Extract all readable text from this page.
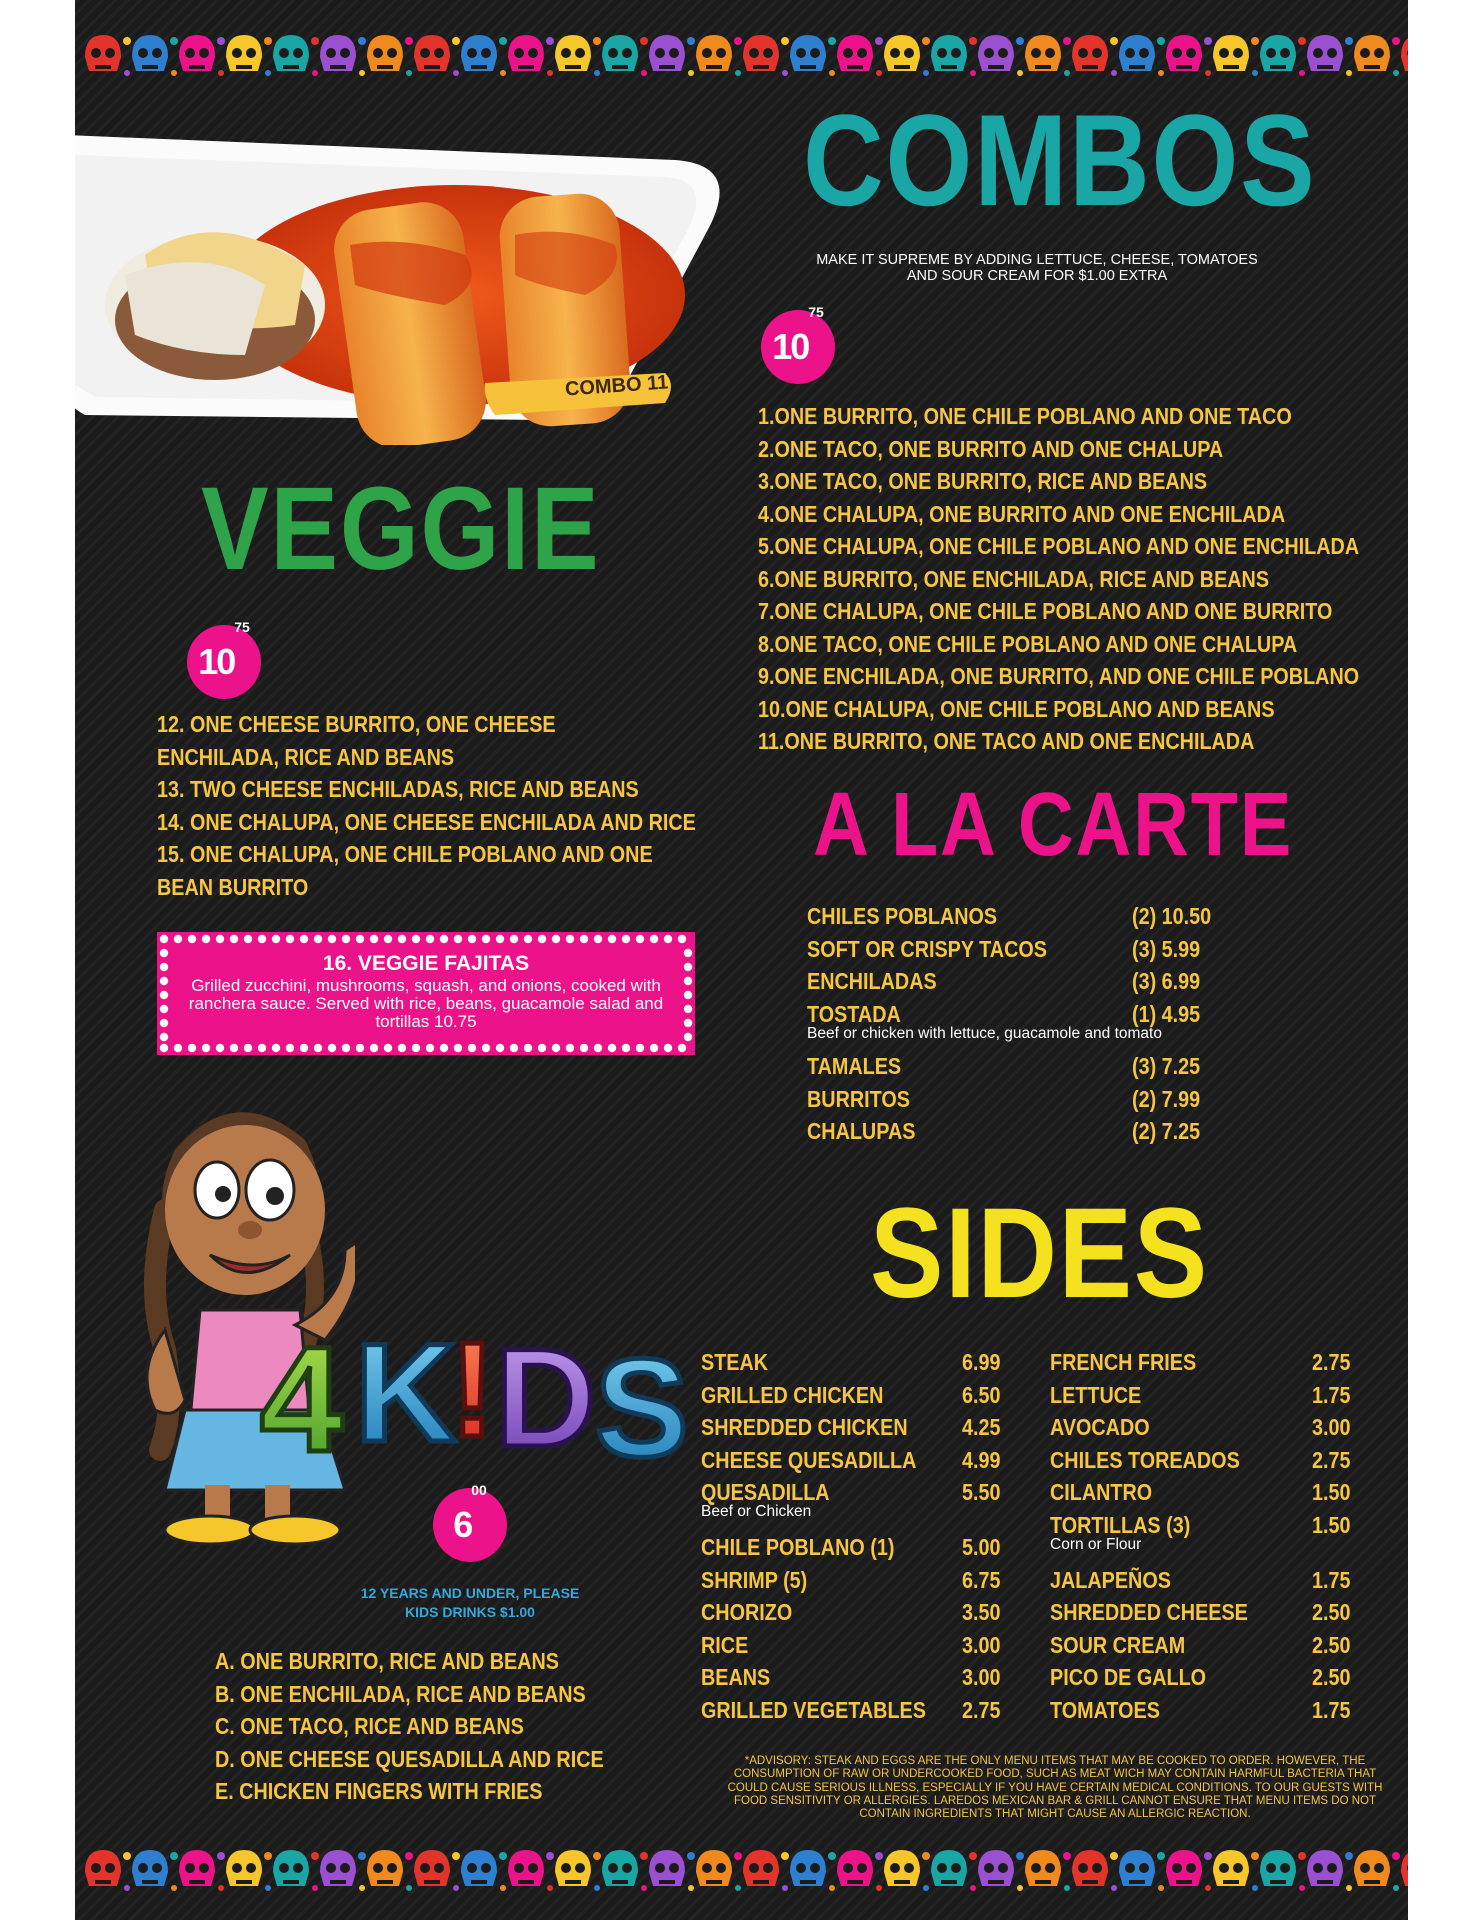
COMBO 11
COMBOS
MAKE IT SUPREME BY ADDING LETTUCE, CHEESE, TOMATOES
AND SOUR CREAM FOR $1.00 EXTRA
1075
1.ONE BURRITO, ONE CHILE POBLANO AND ONE TACO
2.ONE TACO, ONE BURRITO AND ONE CHALUPA
3.ONE TACO, ONE BURRITO, RICE AND BEANS
4.ONE CHALUPA, ONE BURRITO AND ONE ENCHILADA
5.ONE CHALUPA, ONE CHILE POBLANO AND ONE ENCHILADA
6.ONE BURRITO, ONE ENCHILADA, RICE AND BEANS
7.ONE CHALUPA, ONE CHILE POBLANO AND ONE BURRITO
8.ONE TACO, ONE CHILE POBLANO AND ONE CHALUPA
9.ONE ENCHILADA, ONE BURRITO, AND ONE CHILE POBLANO
10.ONE CHALUPA, ONE CHILE POBLANO AND BEANS
11.ONE BURRITO, ONE TACO AND ONE ENCHILADA
VEGGIE
1075
12. ONE CHEESE BURRITO, ONE CHEESE
ENCHILADA, RICE AND BEANS
13. TWO CHEESE ENCHILADAS, RICE AND BEANS
14. ONE CHALUPA, ONE CHEESE ENCHILADA AND RICE
15. ONE CHALUPA, ONE CHILE POBLANO AND ONE
BEAN BURRITO
16. VEGGIE FAJITAS
Grilled zucchini, mushrooms, squash, and onions, cooked with
ranchera sauce. Served with rice, beans, guacamole salad and
tortillas 10.75
A LA CARTE
4 K
! D
S
600
12 YEARS AND UNDER, PLEASE
KIDS DRINKS $1.00
A. ONE BURRITO, RICE AND BEANS
B. ONE ENCHILADA, RICE AND BEANS
C. ONE TACO, RICE AND BEANS
D. ONE CHEESE QUESADILLA AND RICE
E. CHICKEN FINGERS WITH FRIES
SIDES
*ADVISORY: STEAK AND EGGS ARE THE ONLY MENU ITEMS THAT MAY BE COOKED TO ORDER. HOWEVER, THE
CONSUMPTION OF RAW OR UNDERCOOKED FOOD, SUCH AS MEAT WICH MAY CONTAIN HARMFUL BACTERIA THAT
COULD CAUSE SERIOUS ILLNESS, ESPECIALLY IF YOU HAVE CERTAIN MEDICAL CONDITIONS. TO OUR GUESTS WITH
FOOD SENSITIVITY OR ALLERGIES. LAREDOS MEXICAN BAR & GRILL CANNOT ENSURE THAT MENU ITEMS DO NOT
CONTAIN INGREDIENTS THAT MIGHT CAUSE AN ALLERGIC REACTION.
CHILES POBLANOS	(2) 10.50
SOFT OR CRISPY TACOS	(3) 5.99
ENCHILADAS	(3) 6.99
TOSTADA	(1) 4.95
Beef or chicken with lettuce, guacamole and tomato
TAMALES	(3) 7.25
BURRITOS	(2) 7.99
CHALUPAS	(2) 7.25
STEAK	6.99
GRILLED CHICKEN	6.50
SHREDDED CHICKEN 4.25
CHEESE QUESADILLA 4.99
QUESADILLA	5.50
Beef or Chicken
CHILE POBLANO (1)	5.00
SHRIMP (5)	6.75
CHORIZO	3.50
RICE	3.00
BEANS	3.00
GRILLED VEGETABLES 2.75
FRENCH FRIES	2.75
LETTUCE	1.75
AVOCADO	3.00
CHILES TOREADOS	2.75
CILANTRO	1.50
TORTILLAS (3)	1.50
Corn or Flour
JALAPEÑOS	1.75
SHREDDED CHEESE	2.50
SOUR CREAM	2.50
PICO DE GALLO	2.50
TOMATOES	1.75
